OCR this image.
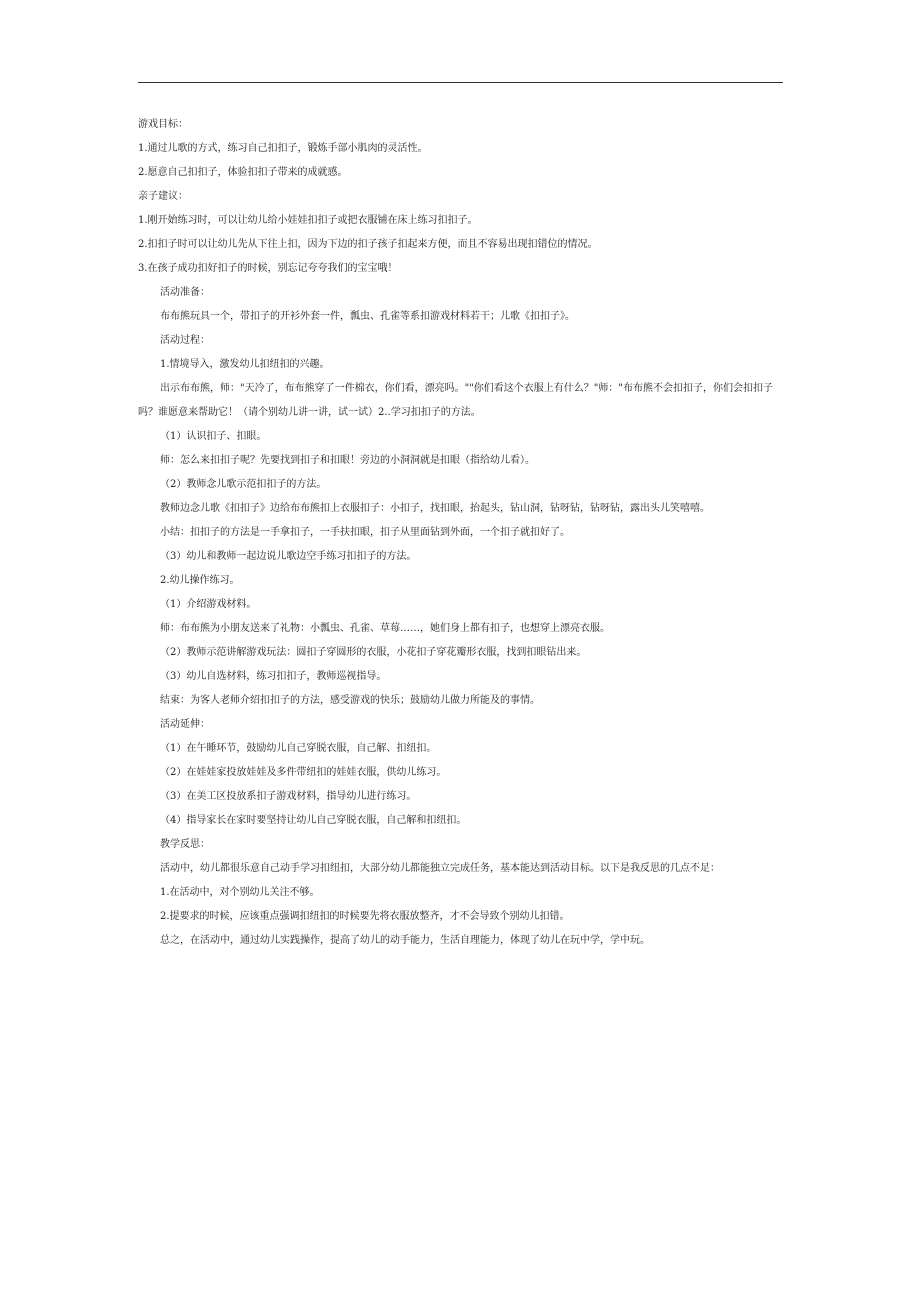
游戏目标：
1.通过儿歌的方式，练习自己扣扣子，锻炼手部小肌肉的灵活性。
2.愿意自己扣扣子，体验扣扣子带来的成就感。
亲子建议：
1.刚开始练习时，可以让幼儿给小娃娃扣扣子或把衣服铺在床上练习扣扣子。
2.扣扣子时可以让幼儿先从下往上扣，因为下边的扣子孩子扣起来方便，而且不容易出现扣错位的情况。
3.在孩子成功扣好扣子的时候，别忘记夸夸我们的宝宝哦！
活动准备：
布布熊玩具一个，带扣子的开衫外套一件，瓢虫、孔雀等系扣游戏材料若干；儿歌《扣扣子》。
活动过程：
1.情境导入，激发幼儿扣纽扣的兴趣。
出示布布熊，师："天冷了，布布熊穿了一件棉衣，你们看，漂亮吗。""你们看这个衣服上有什么？"师："布布熊不会扣扣子，你们会扣扣子吗？谁愿意来帮助它！（请个别幼儿讲一讲，试一试）2..学习扣扣子的方法。
（1）认识扣子、扣眼。
师：怎么来扣扣子呢？先要找到扣子和扣眼！旁边的小洞洞就是扣眼（指给幼儿看）。
（2）教师念儿歌示范扣扣子的方法。
教师边念儿歌《扣扣子》边给布布熊扣上衣服扣子：小扣子，找扣眼，抬起头，钻山洞，钻呀钻，钻呀钻，露出头儿笑嘻嘻。
小结：扣扣子的方法是一手拿扣子，一手扶扣眼，扣子从里面钻到外面，一个扣子就扣好了。
（3）幼儿和教师一起边说儿歌边空手练习扣扣子的方法。
2.幼儿操作练习。
（1）介绍游戏材料。
师：布布熊为小朋友送来了礼物：小瓢虫、孔雀、草莓……，她们身上都有扣子，也想穿上漂亮衣服。
（2）教师示范讲解游戏玩法：圆扣子穿圆形的衣服，小花扣子穿花瓣形衣服，找到扣眼钻出来。
（3）幼儿自选材料，练习扣扣子，教师巡视指导。
结束：为客人老师介绍扣扣子的方法，感受游戏的快乐；鼓励幼儿做力所能及的事情。
活动延伸：
（1）在午睡环节，鼓励幼儿自己穿脱衣服，自己解、扣纽扣。
（2）在娃娃家投放娃娃及多件带纽扣的娃娃衣服，供幼儿练习。
（3）在美工区投放系扣子游戏材料，指导幼儿进行练习。
（4）指导家长在家时要坚持让幼儿自己穿脱衣服，自己解和扣纽扣。
教学反思：
活动中，幼儿都很乐意自己动手学习扣纽扣，大部分幼儿都能独立完成任务，基本能达到活动目标。以下是我反思的几点不足：
1.在活动中，对个别幼儿关注不够。
2.提要求的时候，应该重点强调扣纽扣的时候要先将衣服放整齐，才不会导致个别幼儿扣错。
总之，在活动中，通过幼儿实践操作，提高了幼儿的动手能力，生活自理能力，体现了幼儿在玩中学，学中玩。
